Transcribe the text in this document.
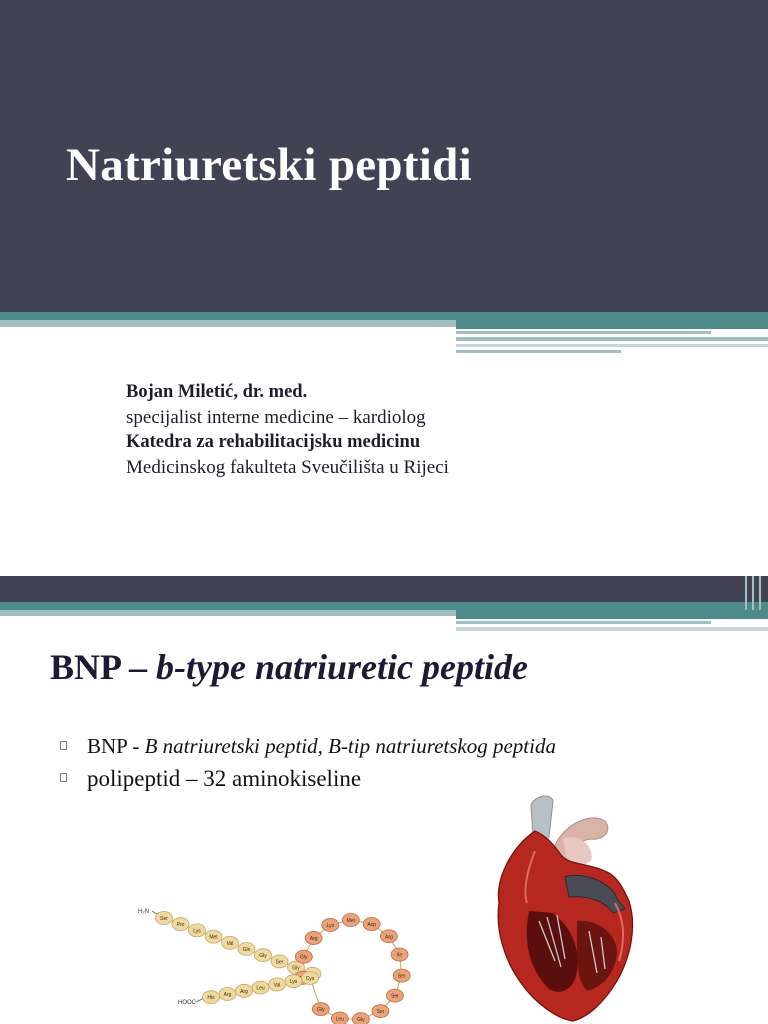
Natriuretski peptidi
Bojan Miletić, dr. med.
specijalist interne medicine – kardiolog
Katedra za rehabilitacijsku medicinu
Medicinskog fakulteta Sveučilišta u Rijeci
BNP – b-type natriuretic peptide
BNP - B natriuretski peptid, B-tip natriuretskog peptida
polipeptid – 32 aminokiseline
H₂N
HOOC
Ser
Pro
Lys
Met
Val
Gln
Gly
Ser
Gly
Gly
Arg
Lys
Met
Asp
Arg
Ile
Ser
Ser
Ser
Gly
Leu
Gly
Cys
Lys
Val
Leu
Arg
Arg
His
